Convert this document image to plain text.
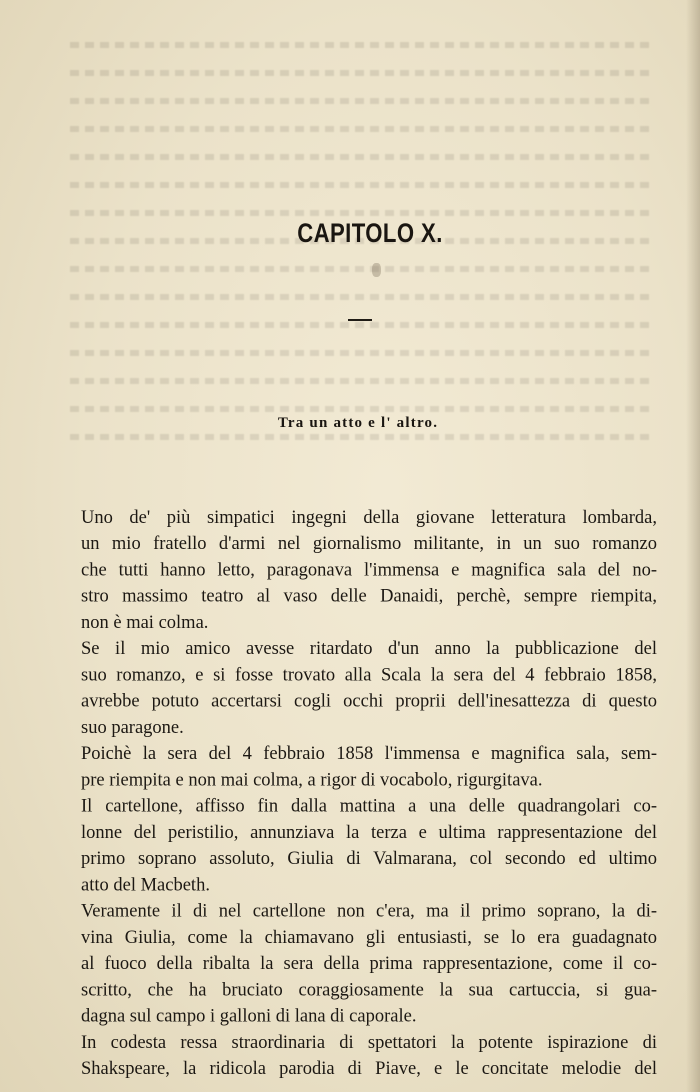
CAPITOLO X.
Tra un atto e l' altro.

Uno de' più simpatici ingegni della giovane letteratura lombarda,
un mio fratello d'armi nel giornalismo militante, in un suo romanzo
che tutti hanno letto, paragonava l'immensa e magnifica sala del no-
stro massimo teatro al vaso delle Danaidi, perchè, sempre riempita,
non è mai colma.

Se il mio amico avesse ritardato d'un anno la pubblicazione del
suo romanzo, e si fosse trovato alla Scala la sera del 4 febbraio 1858,
avrebbe potuto accertarsi cogli occhi proprii dell'inesattezza di questo
suo paragone.

Poichè la sera del 4 febbraio 1858 l'immensa e magnifica sala, sem-
pre riempita e non mai colma, a rigor di vocabolo, rigurgitava.

Il cartellone, affisso fin dalla mattina a una delle quadrangolari co-
lonne del peristilio, annunziava la terza e ultima rappresentazione del
primo soprano assoluto, Giulia di Valmarana, col secondo ed ultimo
atto del Macbeth.

Veramente il di nel cartellone non c'era, ma il primo soprano, la di-
vina Giulia, come la chiamavano gli entusiasti, se lo era guadagnato
al fuoco della ribalta la sera della prima rappresentazione, come il co-
scritto, che ha bruciato coraggiosamente la sua cartuccia, si gua-
dagna sul campo i galloni di lana di caporale.

In codesta ressa straordinaria di spettatori la potente ispirazione di
Shakspeare, la ridicola parodia di Piave, e le concitate melodie del
